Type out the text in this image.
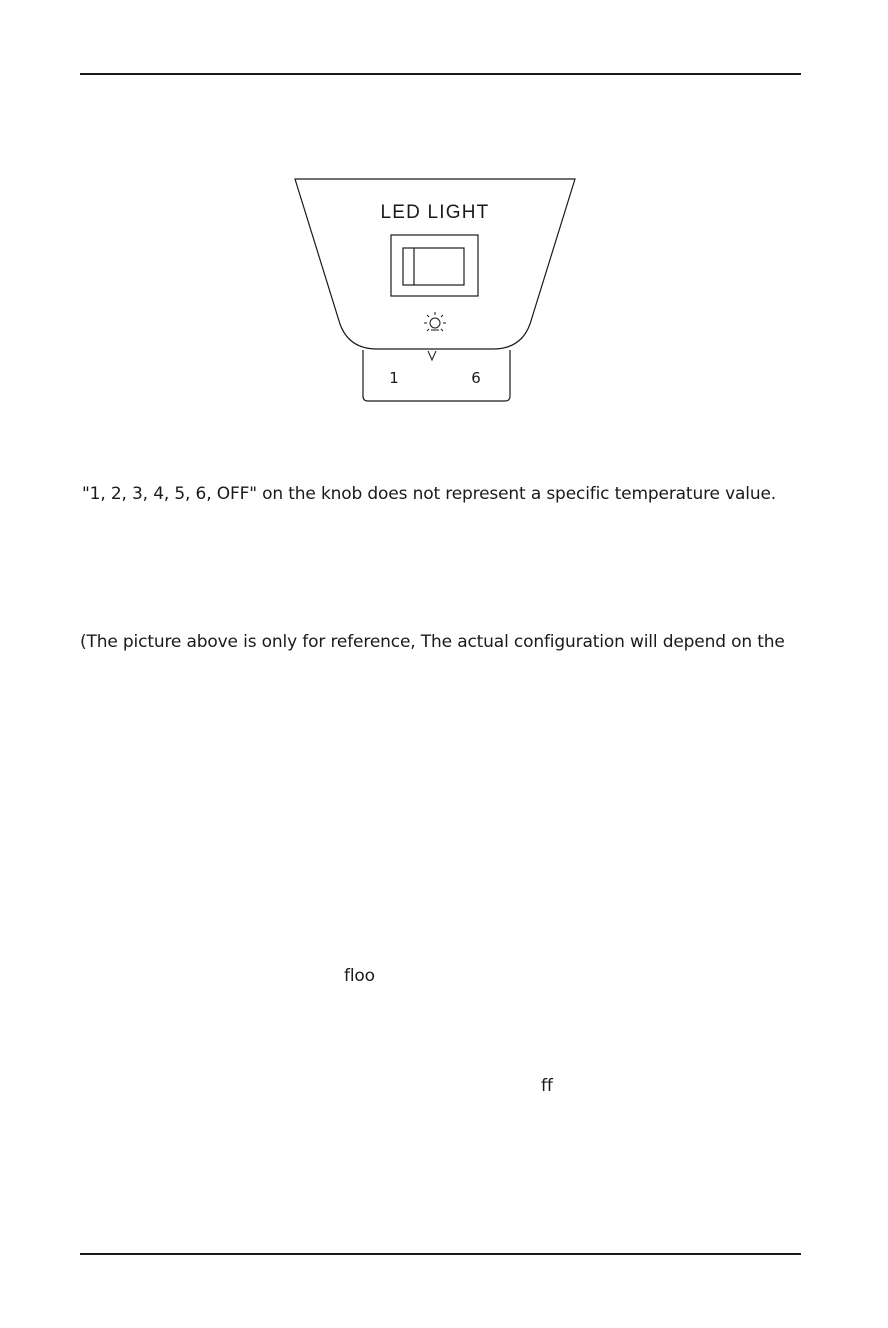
LED LIGHT
1	6
"1, 2, 3, 4, 5, 6, OFF" on the knob does not represent a specific temperature value.
(The picture above is only for reference, The actual configuration will depend on the
floo
ff
